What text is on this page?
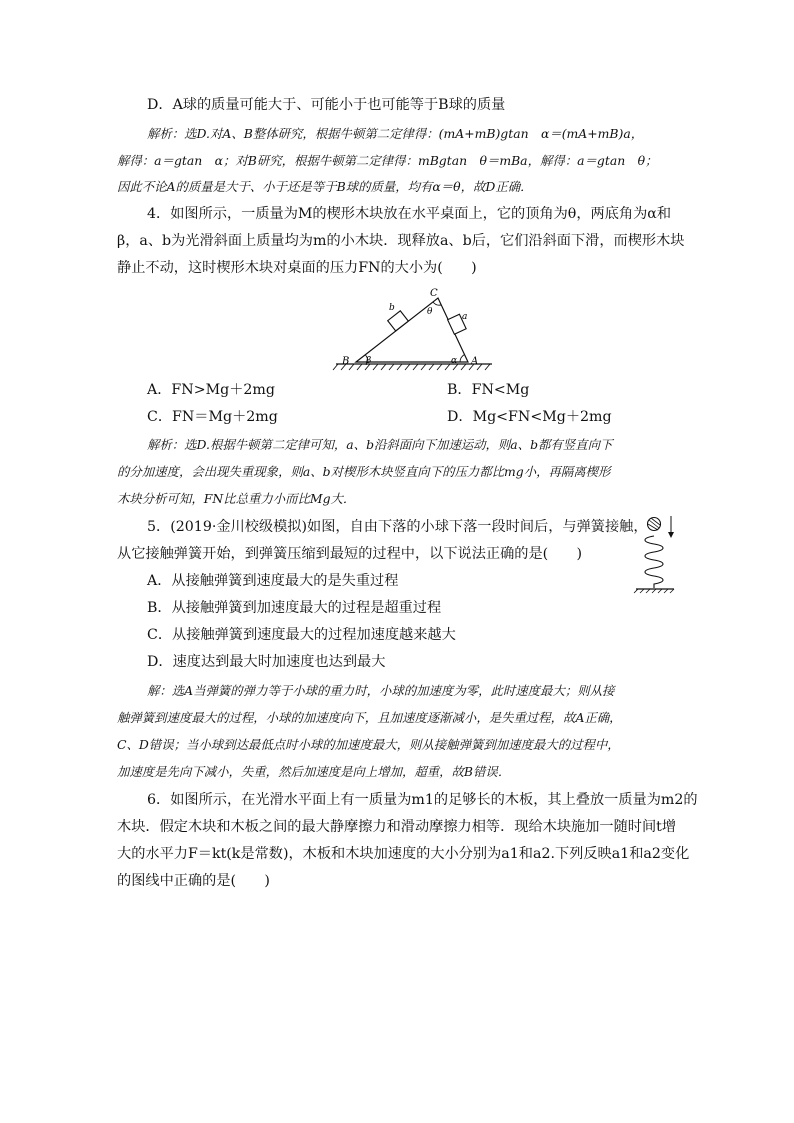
D．A球的质量可能大于、可能小于也可能等于B球的质量
解析：选D.对A、B整体研究，根据牛顿第二定律得：(mA+mB)gtan　α＝(mA+mB)a，
解得：a＝gtan　α；对B研究，根据牛顿第二定律得：mBgtan　θ＝mBa，解得：a＝gtan　θ；
因此不论A的质量是大于、小于还是等于B球的质量，均有α＝θ，故D正确．
4．如图所示，一质量为M的楔形木块放在水平桌面上，它的顶角为θ，两底角为α和
β，a、b为光滑斜面上质量均为m的小木块．现释放a、b后，它们沿斜面下滑，而楔形木块
静止不动，这时楔形木块对桌面的压力FN的大小为(　　)
C
θ
b
a
B β	α A
A．FN>Mg＋2mg	B．FN<Mg
C．FN＝Mg＋2mg	D．Mg<FN<Mg＋2mg
解析：选D.根据牛顿第二定律可知，a、b沿斜面向下加速运动，则a、b都有竖直向下
的分加速度，会出现失重现象，则a、b对楔形木块竖直向下的压力都比mg小，再隔离楔形
木块分析可知，FN比总重力小而比Mg大．
5．(2019·金川校级模拟)如图，自由下落的小球下落一段时间后，与弹簧接触，
从它接触弹簧开始，到弹簧压缩到最短的过程中，以下说法正确的是(　　)
A．从接触弹簧到速度最大的是失重过程
B．从接触弹簧到加速度最大的过程是超重过程
C．从接触弹簧到速度最大的过程加速度越来越大
D．速度达到最大时加速度也达到最大
解：选A当弹簧的弹力等于小球的重力时，小球的加速度为零，此时速度最大；则从接
触弹簧到速度最大的过程，小球的加速度向下，且加速度逐渐减小，是失重过程，故A正确，
C、D错误；当小球到达最低点时小球的加速度最大，则从接触弹簧到加速度最大的过程中，
加速度是先向下减小，失重，然后加速度是向上增加，超重，故B错误．
6．如图所示，在光滑水平面上有一质量为m1的足够长的木板，其上叠放一质量为m2的
木块．假定木块和木板之间的最大静摩擦力和滑动摩擦力相等．现给木块施加一随时间t增
大的水平力F＝kt(k是常数)，木板和木块加速度的大小分别为a1和a2.下列反映a1和a2变化
的图线中正确的是(　　)
